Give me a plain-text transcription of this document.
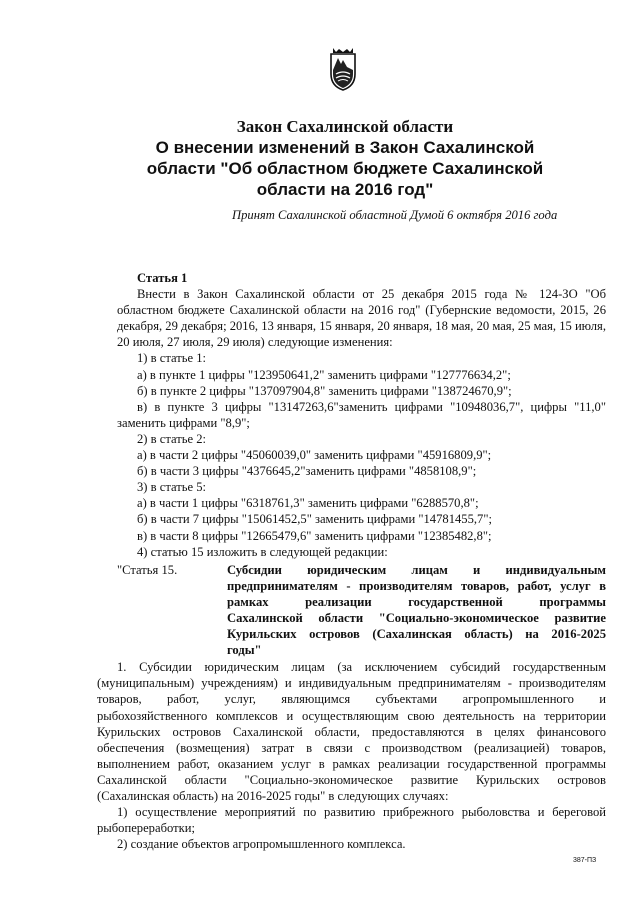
Закон Сахалинской области
О внесении изменений в Закон Сахалинской
области "Об областном бюджете Сахалинской
области на 2016 год"
Принят Сахалинской областной Думой 6 октября 2016 года

Статья 1

Внести в Закон Сахалинской области от 25 декабря 2015 года № 124-ЗО "Об

областном бюджете Сахалинской области на 2016 год" (Губернские ведомости, 2015, 26

декабря, 29 декабря; 2016, 13 января, 15 января, 20 января, 18 мая, 20 мая, 25 мая, 15 июля,

20 июля, 27 июля, 29 июля) следующие изменения:

1) в статье 1:

а) в пункте 1 цифры "123950641,2" заменить цифрами "127776634,2";

б) в пункте 2 цифры "137097904,8" заменить цифрами "138724670,9";

в) в пункте 3 цифры "13147263,6"заменить цифрами "10948036,7", цифры "11,0"

заменить цифрами "8,9";

2) в статье 2:

а) в части 2 цифры "45060039,0" заменить цифрами "45916809,9";

б) в части 3 цифры "4376645,2"заменить цифрами "4858108,9";

3) в статье 5:

а) в части 1 цифры "6318761,3" заменить цифрами "6288570,8";

б) в части 7 цифры "15061452,5" заменить цифрами "14781455,7";

в) в части 8 цифры "12665479,6" заменить цифрами "12385482,8";

4) статью 15 изложить в следующей редакции:

"Статья 15.	Субсидии юридическим лицам и индивидуальным
предпринимателям - производителям товаров, работ, услуг в
рамках реализации государственной программы
Сахалинской области "Социально-экономическое развитие
Курильских островов (Сахалинская область) на 2016-2025
годы"

1. Субсидии юридическим лицам (за исключением субсидий государственным

(муниципальным) учреждениям) и индивидуальным предпринимателям - производителям

товаров, работ, услуг, являющимся субъектами агропромышленного и

рыбохозяйственного комплексов и осуществляющим свою деятельность на территории

Курильских островов Сахалинской области, предоставляются в целях финансового

обеспечения (возмещения) затрат в связи с производством (реализацией) товаров,

выполнением работ, оказанием услуг в рамках реализации государственной программы

Сахалинской области "Социально-экономическое развитие Курильских островов

(Сахалинская область) на 2016-2025 годы" в следующих случаях:

1) осуществление мероприятий по развитию прибрежного рыболовства и береговой

рыбопереработки;

2) создание объектов агропромышленного комплекса.

387-ПЗ
